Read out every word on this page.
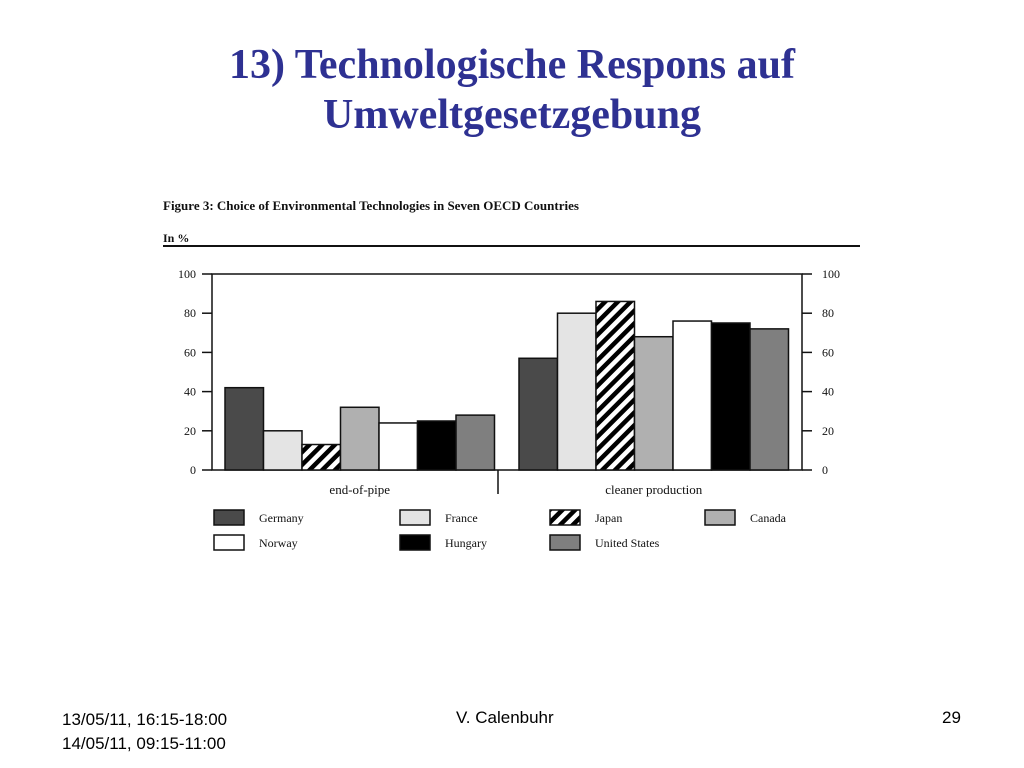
13) Technologische Respons auf
Umweltgesetzgebung
Figure 3: Choice of Environmental Technologies in Seven OECD Countries
In %
0	0
20	20
40	40
60	60
80	80
100	100
end-of-pipe	cleaner production
Germany	France	Japan	Canada
Norway	Hungary	United States
13/05/11, 16:15-18:00
14/05/11, 09:15-11:00
V. Calenbuhr	29
